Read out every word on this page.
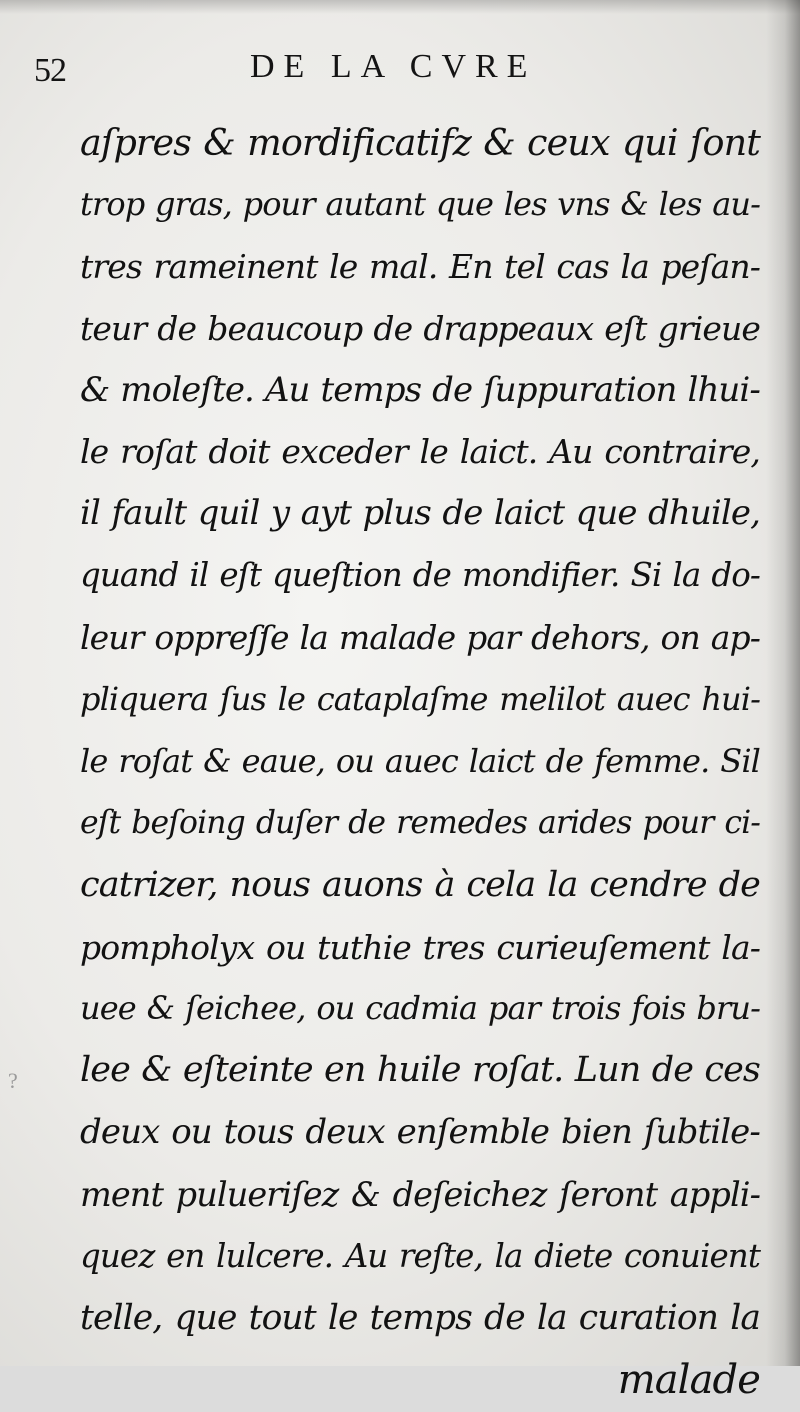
52	DE LA CVRE
?
aſpres & mordificatifz & ceux qui ſont
trop gras, pour autant que les vns & les au-
tres rameinent le mal. En tel cas la peſan-
teur de beaucoup de drappeaux eſt grieue
& moleſte. Au temps de ſuppuration lhui-
le roſat doit exceder le laict. Au contraire,
il fault quil y ayt plus de laict que dhuile,
quand il eſt queſtion de mondifier. Si la do-
leur oppreſſe la malade par dehors, on ap-
pliquera ſus le cataplaſme melilot auec hui-
le roſat & eaue, ou auec laict de femme. Sil
eſt beſoing duſer de remedes arides pour ci-
catrizer, nous auons à cela la cendre de
pompholyx ou tuthie tres curieuſement la-
uee & ſeichee, ou cadmia par trois fois bru-
lee & eſteinte en huile roſat. Lun de ces
deux ou tous deux enſemble bien ſubtile-
ment pulueriſez & deſeichez ſeront appli-
quez en lulcere. Au reſte, la diete conuient
telle, que tout le temps de la curation la
malade
